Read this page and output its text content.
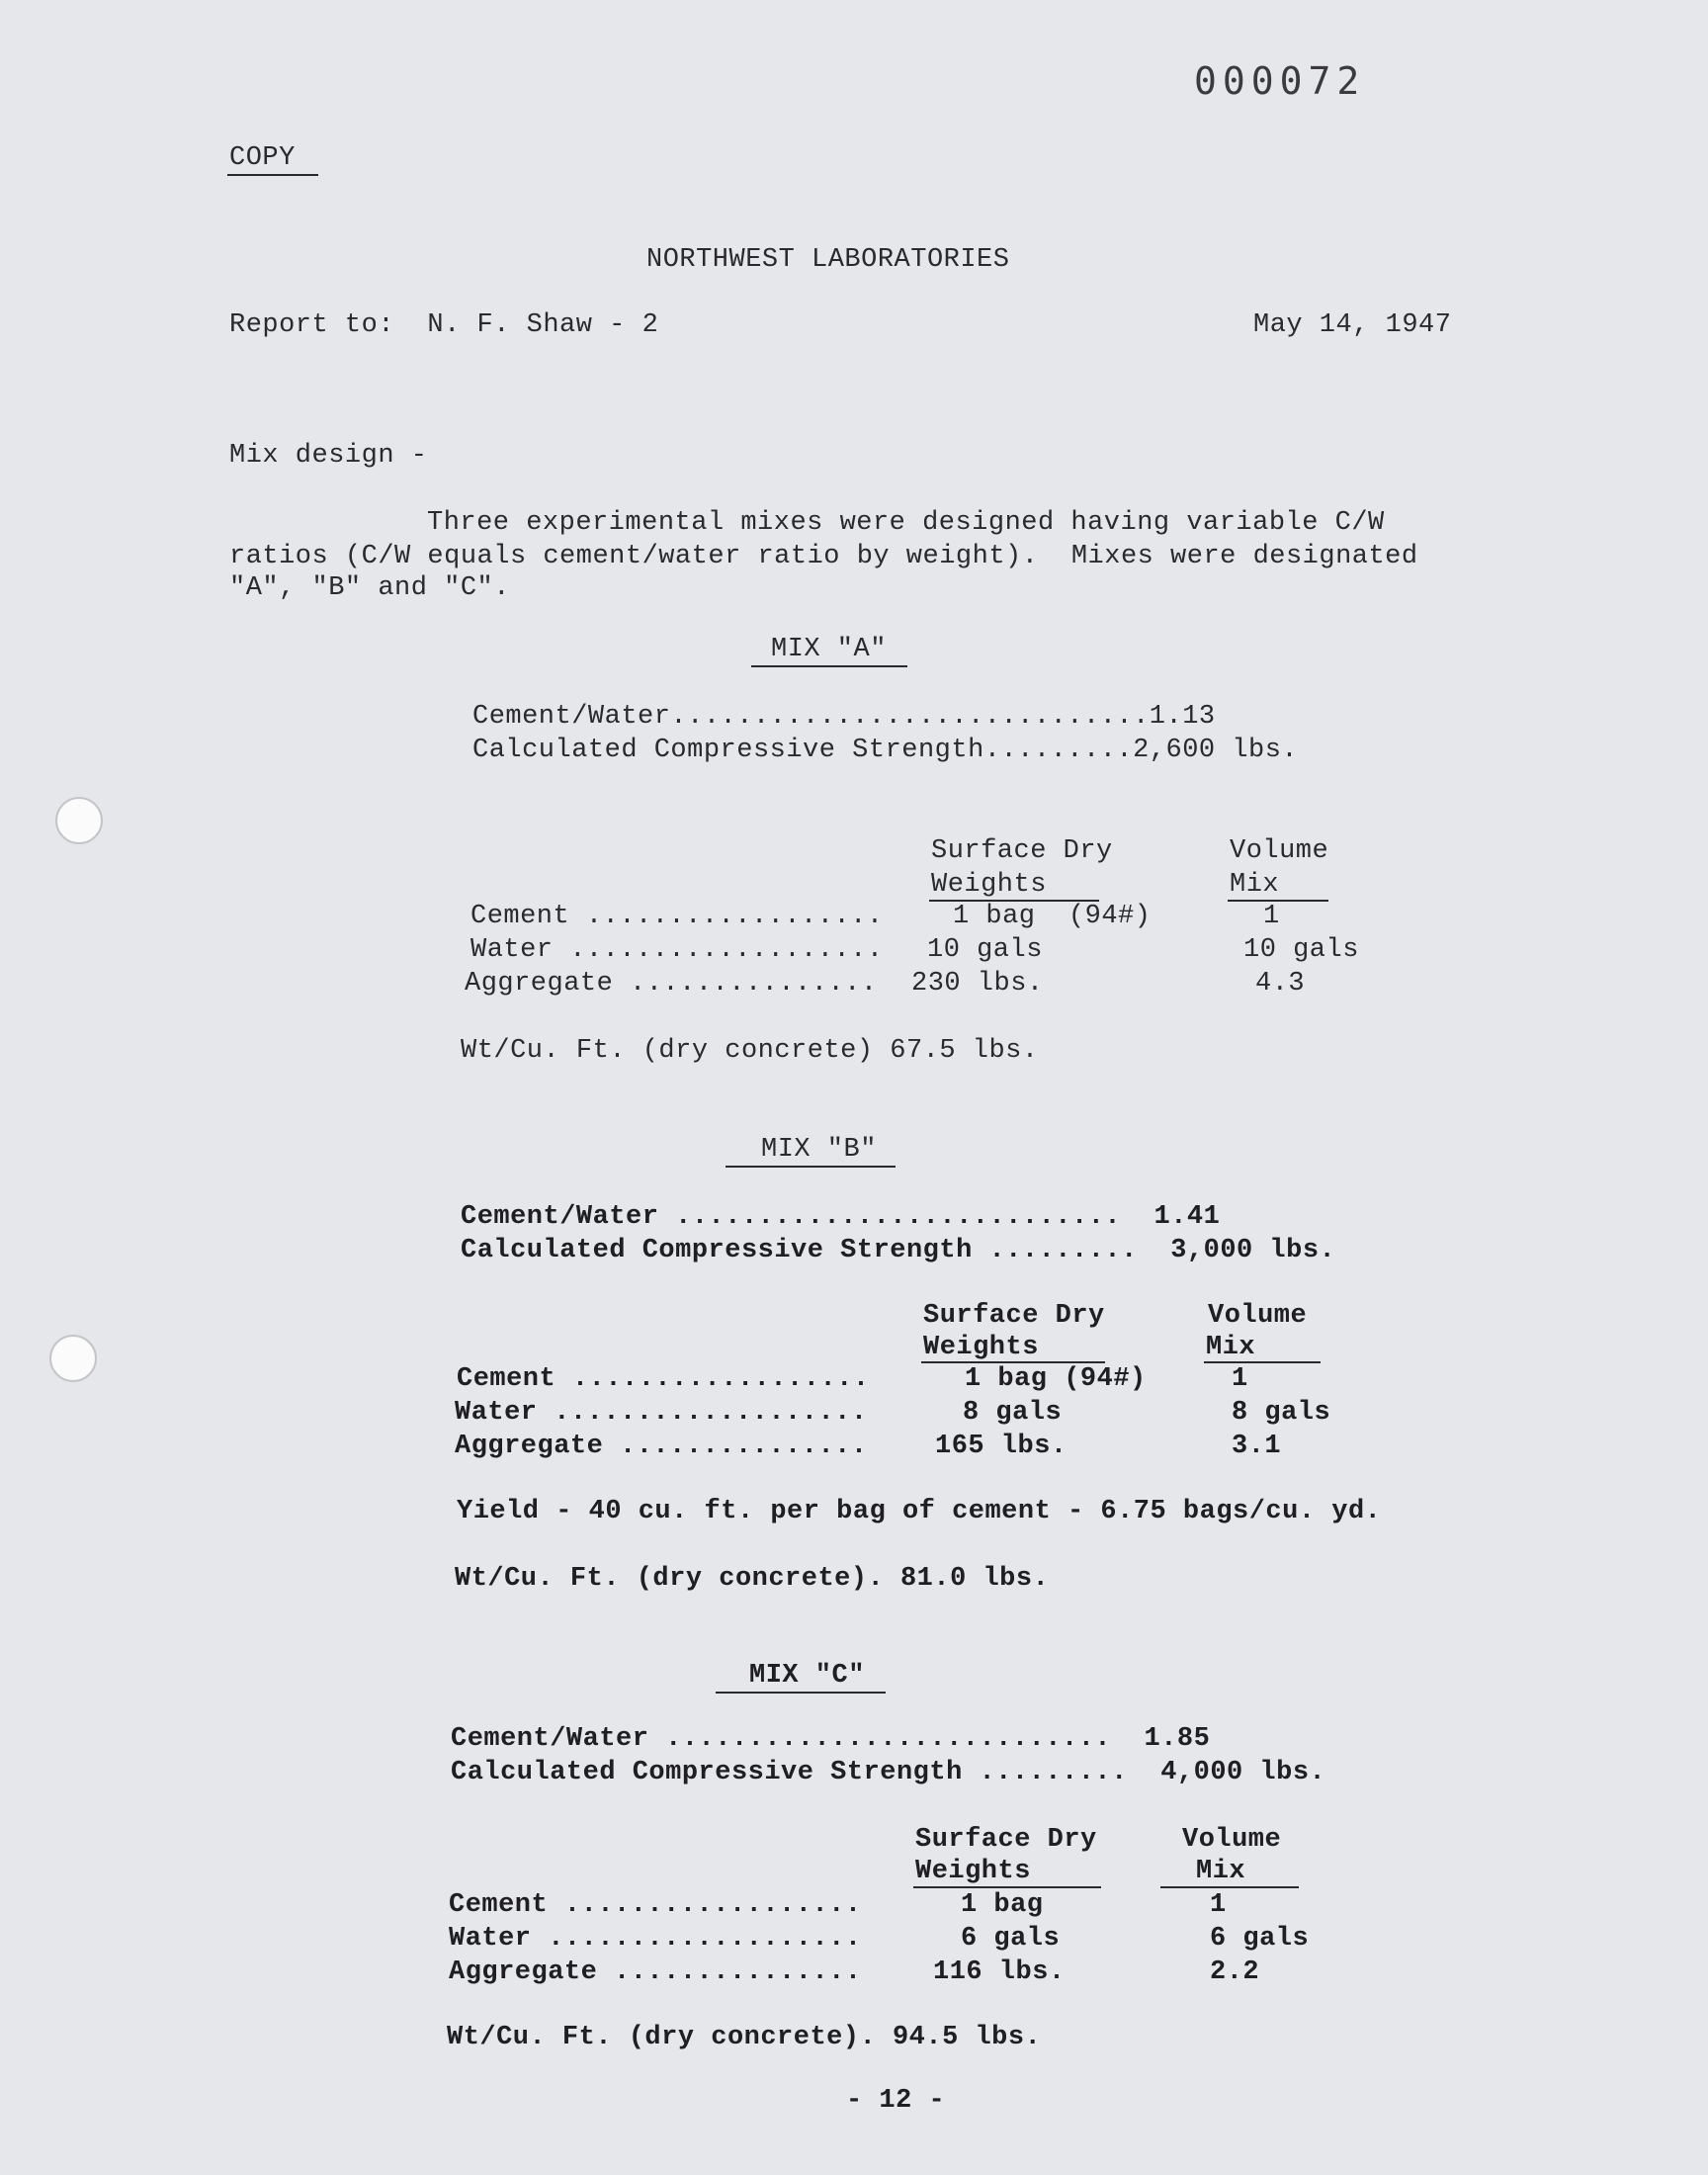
000072
COPY
NORTHWEST LABORATORIES
Report to:  N. F. Shaw - 2	May 14, 1947
Mix design -
Three experimental mixes were designed having variable C/W
ratios (C/W equals cement/water ratio by weight).  Mixes were designated
"A", "B" and "C".
MIX "A"
Cement/Water.............................1.13
Calculated Compressive Strength.........2,600 lbs.
Surface Dry
Weights
Volume
Mix
Cement ..................	1 bag  (94#)	1
Water ................... 10 gals	10 gals
Aggregate ............... 230 lbs.	4.3
Wt/Cu. Ft. (dry concrete) 67.5 lbs.
MIX "B"
Cement/Water ...........................  1.41
Calculated Compressive Strength .........  3,000 lbs.
Surface Dry
Weights
Volume
Mix
Cement ..................	1 bag (94#)	1
Water ...................	8 gals	8 gals
Aggregate ...............	165 lbs.	3.1
Yield - 40 cu. ft. per bag of cement - 6.75 bags/cu. yd.
Wt/Cu. Ft. (dry concrete). 81.0 lbs.
MIX "C"
Cement/Water ...........................  1.85
Calculated Compressive Strength .........  4,000 lbs.
Surface Dry
Weights
Volume
Mix
Cement ..................	1 bag	1
Water ...................	6 gals	6 gals
Aggregate ...............	116 lbs.	2.2
Wt/Cu. Ft. (dry concrete). 94.5 lbs.
- 12 -
